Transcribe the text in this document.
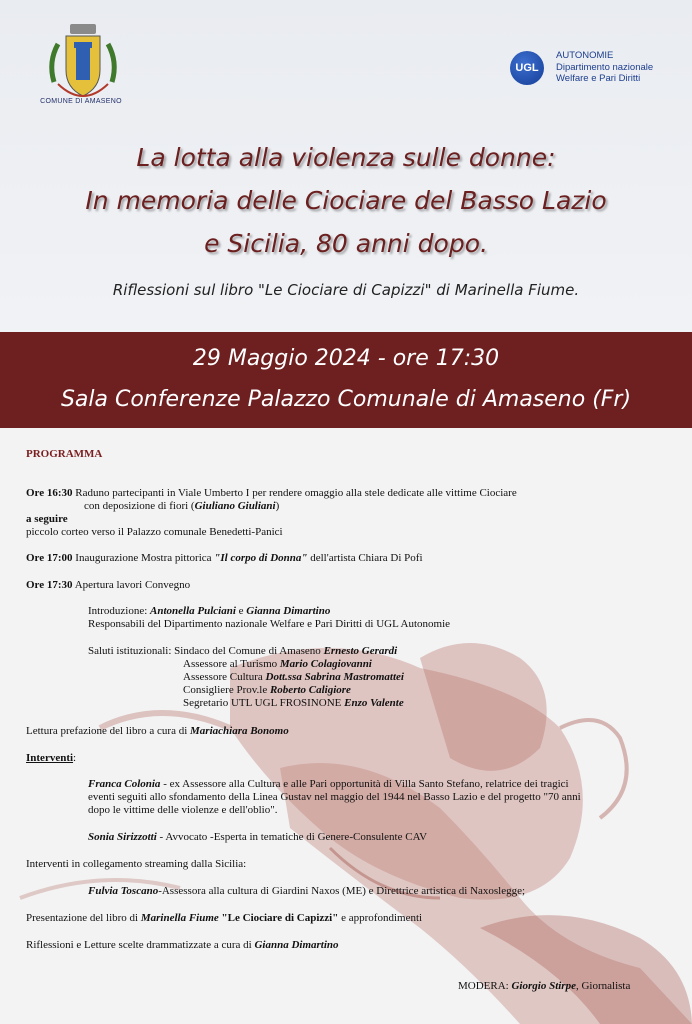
COMUNE DI AMASENO
UGL
AUTONOMIE
Dipartimento nazionale
Welfare e Pari Diritti
La lotta alla violenza sulle donne:
In memoria delle Ciociare del Basso Lazio
e Sicilia, 80 anni dopo.
Riflessioni sul libro "Le Ciociare di Capizzi" di Marinella Fiume.
29 Maggio 2024 - ore 17:30
Sala Conferenze Palazzo Comunale di Amaseno (Fr)
PROGRAMMA
Ore 16:30 Raduno partecipanti in Viale Umberto I per rendere omaggio alla stele dedicate alle vittime Ciociare
con deposizione di fiori (Giuliano Giuliani)
a seguire
piccolo corteo verso il Palazzo comunale Benedetti-Panici
Ore 17:00 Inaugurazione Mostra pittorica "Il corpo di Donna" dell'artista Chiara Di Pofi
Ore 17:30 Apertura lavori Convegno
Introduzione: Antonella Pulciani e Gianna Dimartino
Responsabili del Dipartimento nazionale Welfare e Pari Diritti di UGL Autonomie
Saluti istituzionali: Sindaco del Comune di Amaseno Ernesto Gerardi
Assessore al Turismo Mario Colagiovanni
Assessore Cultura Dott.ssa Sabrina Mastromattei
Consigliere Prov.le Roberto Caligiore
Segretario UTL UGL FROSINONE Enzo Valente
Lettura prefazione del libro a cura di Mariachiara Bonomo
Interventi:
Franca Colonia - ex Assessore alla Cultura e alle Pari opportunità di Villa Santo Stefano, relatrice dei tragici
eventi seguiti allo sfondamento della Linea Gustav nel maggio del 1944 nel Basso Lazio e del progetto "70 anni
dopo le vittime delle violenze e dell'oblio".
Sonia Sirizzotti - Avvocato -Esperta in tematiche di Genere-Consulente CAV
Interventi in collegamento streaming dalla Sicilia:
Fulvia Toscano-Assessora alla cultura di Giardini Naxos (ME) e Direttrice artistica di Naxoslegge;
Presentazione del libro di Marinella Fiume "Le Ciociare di Capizzi" e approfondimenti
Riflessioni e Letture scelte drammatizzate a cura di Gianna Dimartino
MODERA: Giorgio Stirpe, Giornalista
